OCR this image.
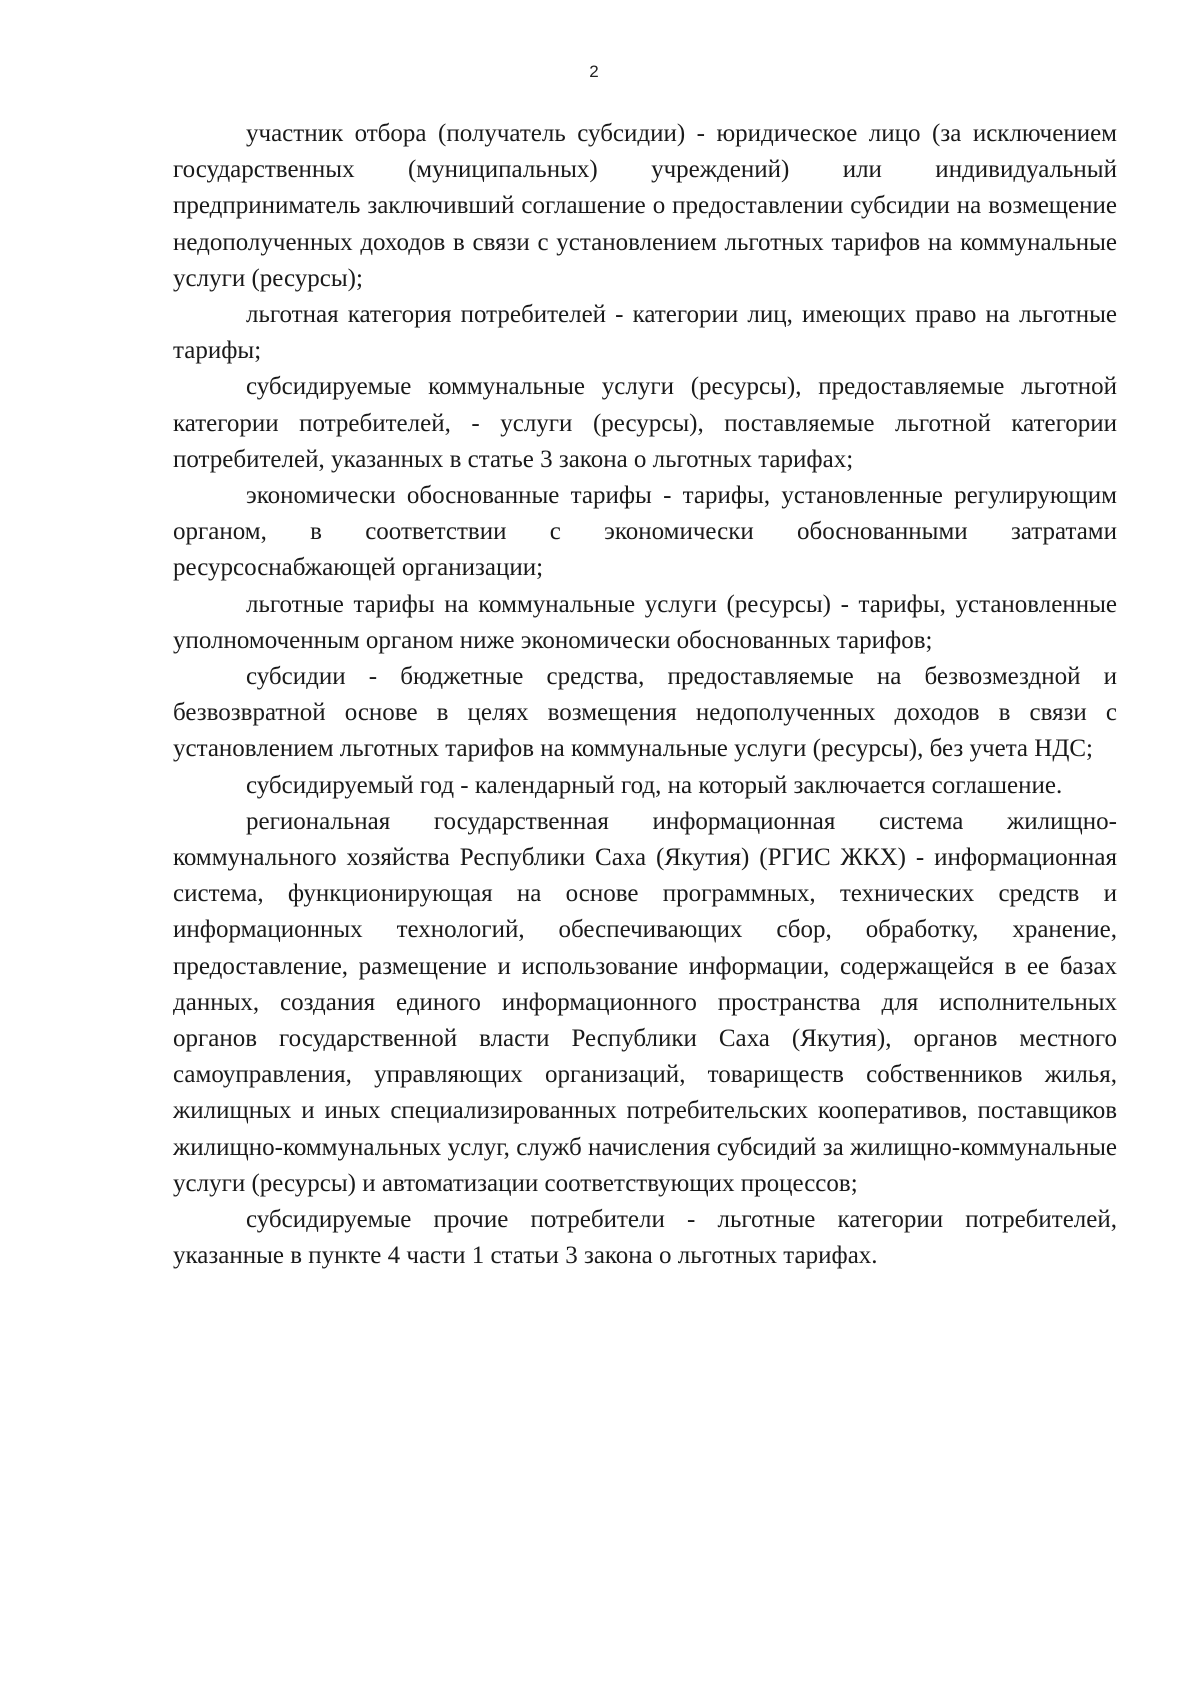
2

участник отбора (получатель субсидии) - юридическое лицо (за исключением государственных (муниципальных) учреждений) или индивидуальный предприниматель заключивший соглашение о предоставлении субсидии на возмещение недополученных доходов в связи с установлением льготных тарифов на коммунальные услуги (ресурсы);

льготная категория потребителей - категории лиц, имеющих право на льготные тарифы;

субсидируемые коммунальные услуги (ресурсы), предоставляемые льготной категории потребителей, - услуги (ресурсы), поставляемые льготной категории потребителей, указанных в статье 3 закона о льготных тарифах;

экономически обоснованные тарифы - тарифы, установленные регулирующим органом, в соответствии с экономически обоснованными затратами ресурсоснабжающей организации;

льготные тарифы на коммунальные услуги (ресурсы) - тарифы, установленные уполномоченным органом ниже экономически обоснованных тарифов;

субсидии - бюджетные средства, предоставляемые на безвозмездной и безвозвратной основе в целях возмещения недополученных доходов в связи с установлением льготных тарифов на коммунальные услуги (ресурсы), без учета НДС;

субсидируемый год - календарный год, на который заключается соглашение.

региональная государственная информационная система жилищно-коммунального хозяйства Республики Саха (Якутия) (РГИС ЖКХ) - информационная система, функционирующая на основе программных, технических средств и информационных технологий, обеспечивающих сбор, обработку, хранение, предоставление, размещение и использование информации, содержащейся в ее базах данных, создания единого информационного пространства для исполнительных органов государственной власти Республики Саха (Якутия), органов местного самоуправления, управляющих организаций, товариществ собственников жилья, жилищных и иных специализированных потребительских кооперативов, поставщиков жилищно-коммунальных услуг, служб начисления субсидий за жилищно-коммунальные услуги (ресурсы) и автоматизации соответствующих процессов;

субсидируемые прочие потребители - льготные категории потребителей, указанные в пункте 4 части 1 статьи 3 закона о льготных тарифах.
